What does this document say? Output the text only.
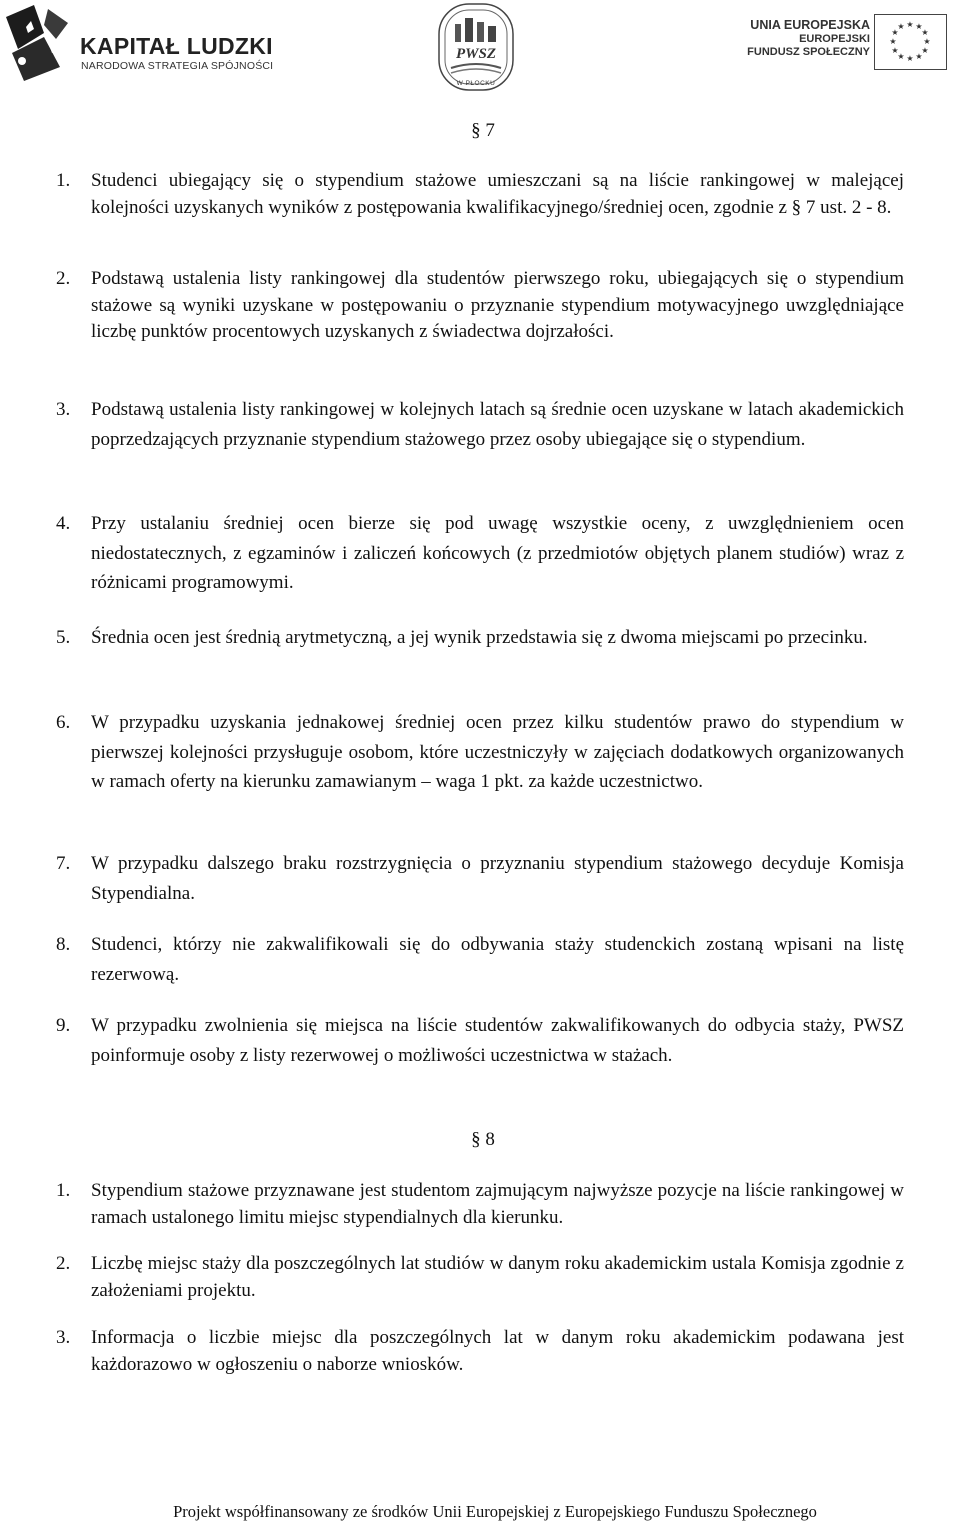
KAPITAŁ LUDZKI
NARODOWA STRATEGIA SPÓJNOŚCI
PWSZ
W PŁOCKU
UNIA EUROPEJSKA
EUROPEJSKI
FUNDUSZ SPOŁECZNY
★ ★
★
★
★
★
★
★
★
★
★
★
§ 7
1.	Studenci ubiegający się o stypendium stażowe umieszczani są na liście rankingowej w malejącej kolejności uzyskanych wyników z postępowania kwalifikacyjnego/średniej ocen, zgodnie z § 7 ust. 2 - 8.
2.	Podstawą ustalenia listy rankingowej dla studentów pierwszego roku, ubiegających się o stypendium stażowe są wyniki uzyskane w postępowaniu o przyznanie stypendium motywacyjnego uwzględniające liczbę punktów procentowych uzyskanych z świadectwa dojrzałości.
3.	Podstawą ustalenia listy rankingowej w kolejnych latach są średnie ocen uzyskane w latach akademickich poprzedzających przyznanie stypendium stażowego przez osoby ubiegające się o stypendium.
4.	Przy ustalaniu średniej ocen bierze się pod uwagę wszystkie oceny, z uwzględnieniem ocen niedostatecznych, z egzaminów i zaliczeń końcowych (z przedmiotów objętych planem studiów) wraz z różnicami programowymi.
5.	Średnia ocen jest średnią arytmetyczną, a jej wynik przedstawia się z dwoma miejscami po przecinku.
6.	W przypadku uzyskania jednakowej średniej ocen przez kilku studentów prawo do stypendium w pierwszej kolejności przysługuje osobom, które uczestniczyły w zajęciach dodatkowych organizowanych w ramach oferty na kierunku zamawianym – waga 1 pkt. za każde uczestnictwo.
7.	W przypadku dalszego braku rozstrzygnięcia o przyznaniu stypendium stażowego decyduje Komisja Stypendialna.
8.	Studenci, którzy nie zakwalifikowali się do odbywania staży studenckich zostaną wpisani na listę rezerwową.
9.	W przypadku zwolnienia się miejsca na liście studentów zakwalifikowanych do odbycia staży, PWSZ poinformuje osoby z listy rezerwowej o możliwości uczestnictwa w stażach.
§ 8
1.	Stypendium stażowe przyznawane jest studentom zajmującym najwyższe pozycje na liście rankingowej w ramach ustalonego limitu miejsc stypendialnych dla kierunku.
2.	Liczbę miejsc staży dla poszczególnych lat studiów w danym roku akademickim ustala Komisja zgodnie z założeniami projektu.
3.	Informacja o liczbie miejsc dla poszczególnych lat w danym roku akademickim podawana jest każdorazowo w ogłoszeniu o naborze wniosków.
Projekt współfinansowany ze środków Unii Europejskiej z Europejskiego Funduszu Społecznego
